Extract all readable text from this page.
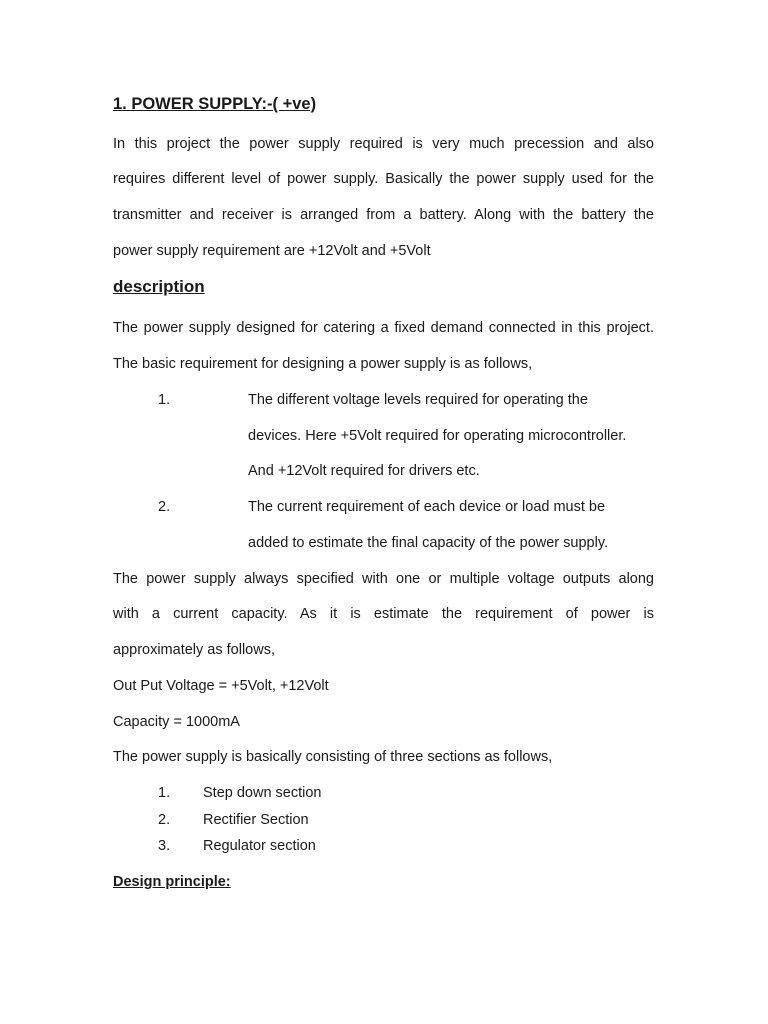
1. POWER SUPPLY:-( +ve)
In this project the power supply required is very much precession and also
requires different level of power supply. Basically the power supply used for the
transmitter and receiver is arranged from a battery. Along with the battery the
power supply requirement are +12Volt and +5Volt
description
The power supply designed for catering a fixed demand connected in this project.
The basic requirement for designing a power supply is as follows,
1.	The different voltage levels required for operating the
devices. Here +5Volt required for operating microcontroller.
And +12Volt required for drivers etc.
2.	The current requirement of each device or load must be
added to estimate the final capacity of the power supply.
The power supply always specified with one or multiple voltage outputs along
with a current capacity. As it is estimate the requirement of power is
approximately as follows,
Out Put Voltage = +5Volt, +12Volt
Capacity = 1000mA
The power supply is basically consisting of three sections as follows,
1. Step down section
2. Rectifier Section
3. Regulator section
Design principle:
